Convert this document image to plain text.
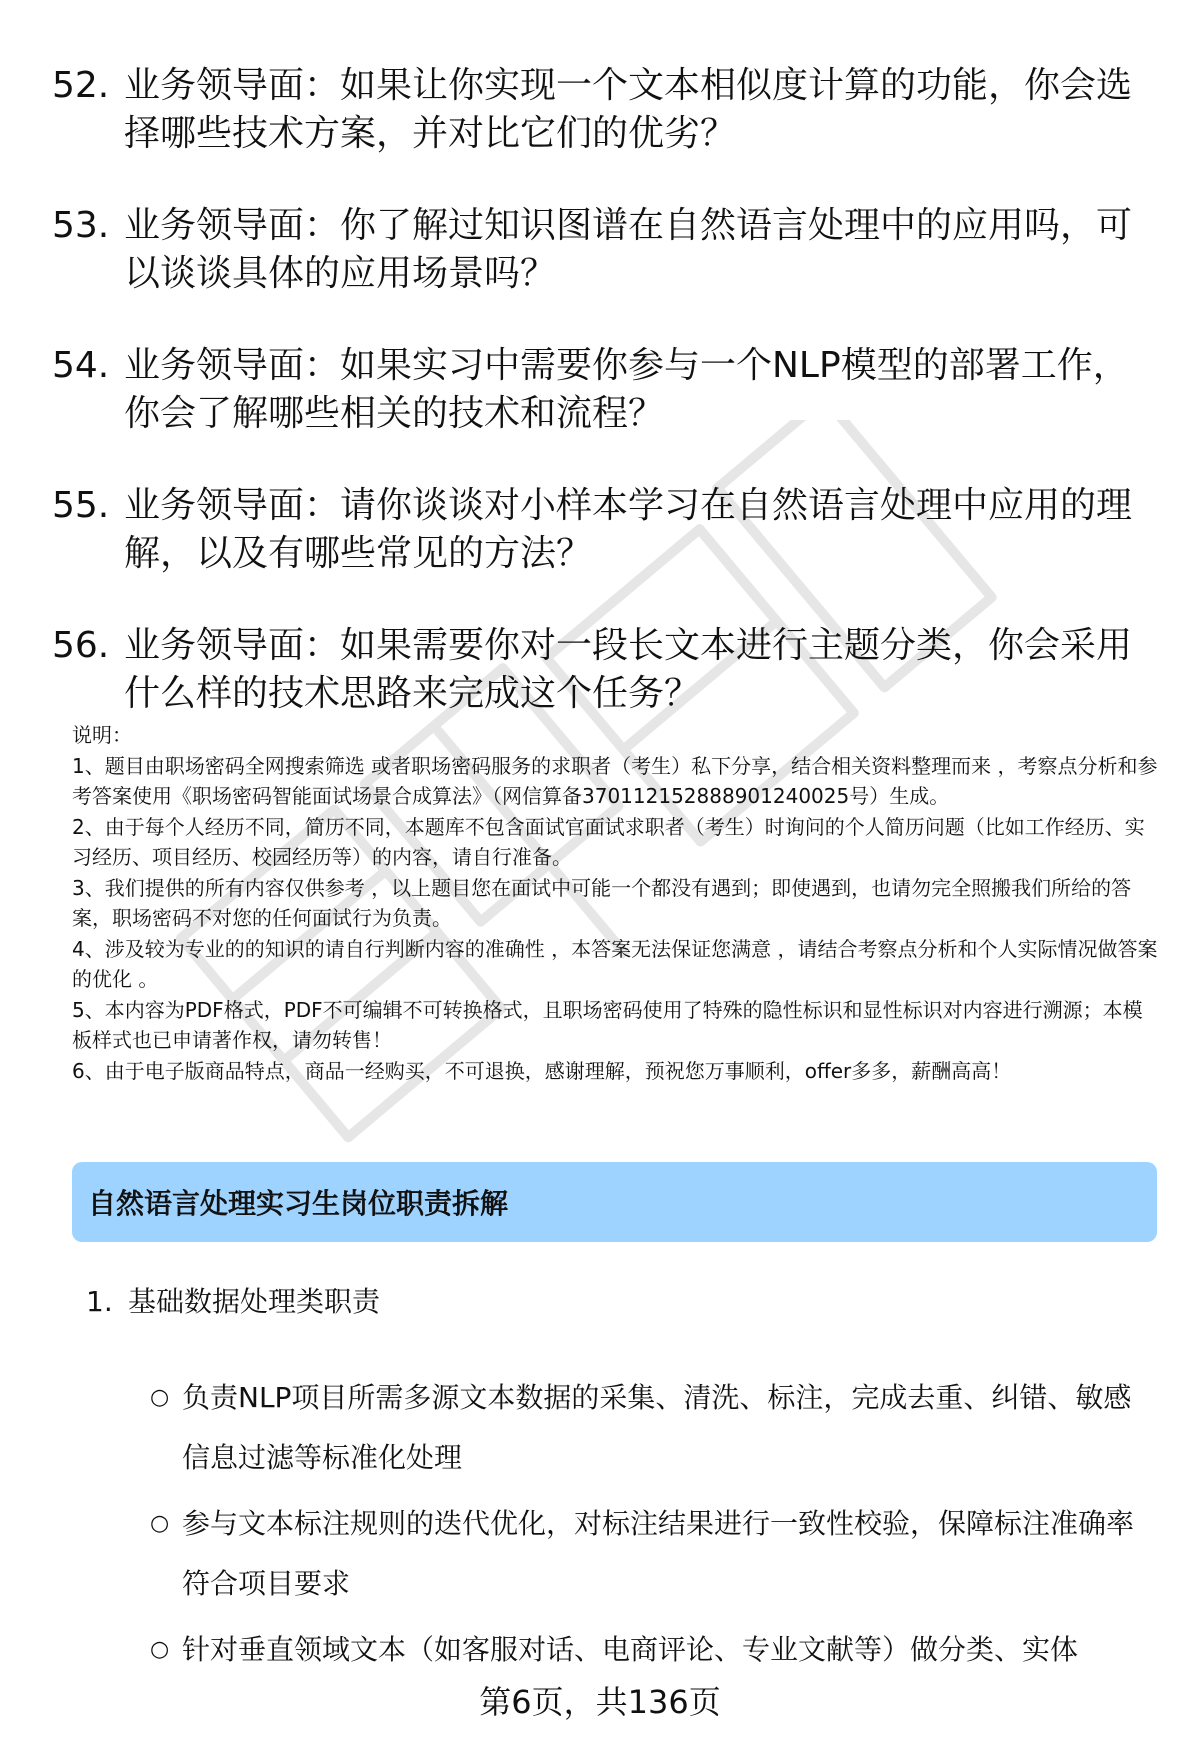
52. 业务领导面：如果让你实现一个文本相似度计算的功能，你会选择哪些技术方案，并对比它们的优劣？
53. 业务领导面：你了解过知识图谱在自然语言处理中的应用吗，可以谈谈具体的应用场景吗？
54. 业务领导面：如果实习中需要你参与一个NLP模型的部署工作，你会了解哪些相关的技术和流程？
55. 业务领导面：请你谈谈对小样本学习在自然语言处理中应用的理解，以及有哪些常见的方法？
56. 业务领导面：如果需要你对一段长文本进行主题分类，你会采用什么样的技术思路来完成这个任务？

说明：

1、题目由职场密码全网搜索筛选 或者职场密码服务的求职者（考生）私下分享，结合相关资料整理而来 ，考察点分析和参考答案使用《职场密码智能面试场景合成算法》（网信算备370112152888901240025号）生成。

2、由于每个人经历不同，简历不同，本题库不包含面试官面试求职者（考生）时询问的个人简历问题（比如工作经历、实习经历、项目经历、校园经历等）的内容，请自行准备。

3、我们提供的所有内容仅供参考 ，以上题目您在面试中可能一个都没有遇到；即使遇到，也请勿完全照搬我们所给的答案，职场密码不对您的任何面试行为负责。

4、涉及较为专业的的知识的请自行判断内容的准确性 ，本答案无法保证您满意 ，请结合考察点分析和个人实际情况做答案的优化 。

5、本内容为PDF格式，PDF不可编辑不可转换格式，且职场密码使用了特殊的隐性标识和显性标识对内容进行溯源；本模板样式也已申请著作权，请勿转售！

6、由于电子版商品特点，商品一经购买，不可退换，感谢理解，预祝您万事顺利，offer多多，薪酬高高！

自然语言处理实习生岗位职责拆解
1. 基础数据处理类职责
○ 负责NLP项目所需多源文本数据的采集、清洗、标注，完成去重、纠错、敏感信息过滤等标准化处理
○ 参与文本标注规则的迭代优化，对标注结果进行一致性校验，保障标注准确率符合项目要求
○ 针对垂直领域文本（如客服对话、电商评论、专业文献等）做分类、实体
第6页，共136页
